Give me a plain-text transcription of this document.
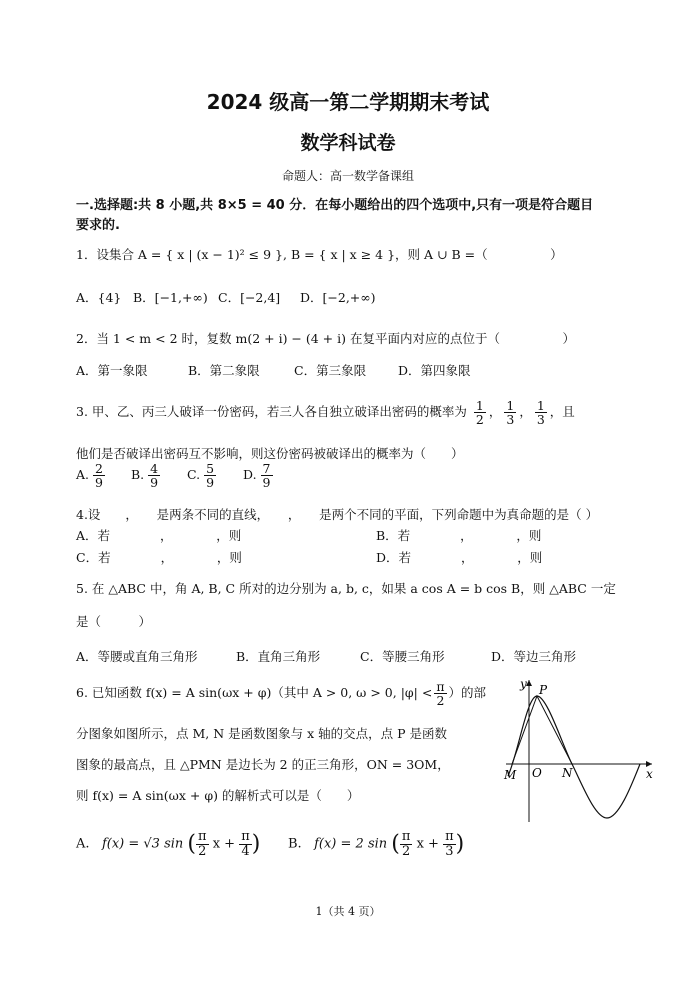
2024 级高一第二学期期末考试
数学科试卷
命题人：高一数学备课组
一.选择题:共 8 小题,共 8×5 = 40 分．在每小题给出的四个选项中,只有一项是符合题目
要求的.
1．设集合 A = { x | (x − 1)² ≤ 9 }, B = { x | x ≥ 4 }，则 A ∪ B =（　　　　　）
A．{4} B．[−1,+∞) C．[−2,4] D．[−2,+∞)
2．当 1 < m < 2 时，复数 m(2 + i) − (4 + i) 在复平面内对应的点位于（　　　　　）
A．第一象限	B．第二象限	C．第三象限	D．第四象限
3. 甲、乙、丙三人破译一份密码，若三人各自独立破译出密码的概率为 $\frac{1}{2}$ ， $\frac{1}{3}$ ， $\frac{1}{3}$ ，且
他们是否破译出密码互不影响，则这份密码被破译出的概率为（　　）
A. $\frac{2}{9} B$. $\frac{4}{9} C$. $\frac{5}{9} D$. $\frac{7}{9}$
4.设　　，　　是两条不同的直线，　　，　　是两个不同的平面，下列命题中为真命题的是（ ）
A．若　　　　，　　　　，则	B．若　　　　，　　　　，则
C．若　　　　，　　　　，则	D．若　　　　，　　　　，则
5. 在 △ABC 中，角 A, B, C 所对的边分别为 a, b, c，如果 a cos A = b cos B，则 △ABC 一定
是（　　　）
A．等腰或直角三角形	B．直角三角形	C．等腰三角形	D．等边三角形
6. 已知函数 f(x) = A sin(ωx + φ)（其中 A > 0, ω > 0, $|\varphi| < \frac{\pi}{2}$ ）的部
分图象如图所示，点 M, N 是函数图象与 x 轴的交点，点 P 是函数
图象的最高点，且 △PMN 是边长为 2 的正三角形，ON = 3OM，
则 f(x) = A sin(ωx + φ) 的解析式可以是（　　）
A. f(x) = √3 sin ( $\frac{\pi}{2}$ $x + \frac{\pi}{4}$ ) B. f(x) = 2 sin ( $\frac{\pi}{2}$ $x + \frac{\pi}{3}$ )
y
x
P
M O N
1（共 4 页）
